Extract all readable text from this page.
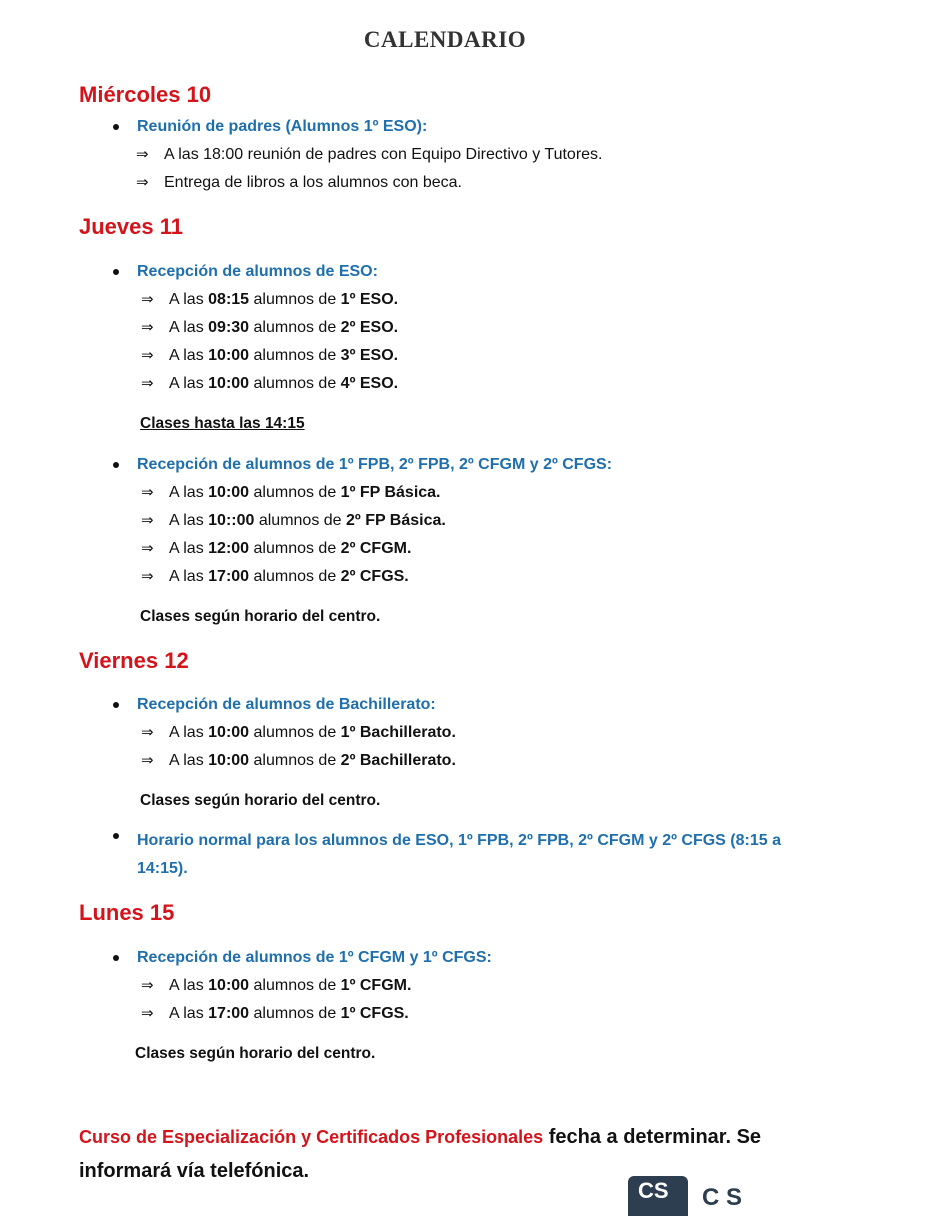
CALENDARIO
Miércoles 10
Reunión de padres (Alumnos 1º ESO):
⇒ A las 18:00 reunión de padres con Equipo Directivo y Tutores.
⇒ Entrega de libros a los alumnos con beca.
Jueves 11
Recepción de alumnos de ESO:
⇒ A las 08:15 alumnos de 1º ESO.
⇒ A las 09:30 alumnos de 2º ESO.
⇒ A las 10:00 alumnos de 3º ESO.
⇒ A las 10:00 alumnos de 4º ESO.
Clases hasta las 14:15
Recepción de alumnos de 1º FPB, 2º FPB, 2º CFGM y 2º CFGS:
⇒ A las 10:00 alumnos de 1º FP Básica.
⇒ A las 10::00 alumnos de 2º FP Básica.
⇒ A las 12:00 alumnos de 2º CFGM.
⇒ A las 17:00 alumnos de 2º CFGS.
Clases según horario del centro.
Viernes 12
Recepción de alumnos de Bachillerato:
⇒ A las 10:00 alumnos de 1º Bachillerato.
⇒ A las 10:00 alumnos de 2º Bachillerato.
Clases según horario del centro.
Horario normal para los alumnos de ESO, 1º FPB, 2º FPB, 2º CFGM y 2º CFGS (8:15 a 14:15).
Lunes 15
Recepción de alumnos de 1º CFGM y 1º CFGS:
⇒ A las 10:00 alumnos de 1º CFGM.
⇒ A las 17:00 alumnos de 1º CFGS.
Clases según horario del centro.
Curso de Especialización y Certificados Profesionales fecha a determinar. Se informará vía telefónica.
CS C S
